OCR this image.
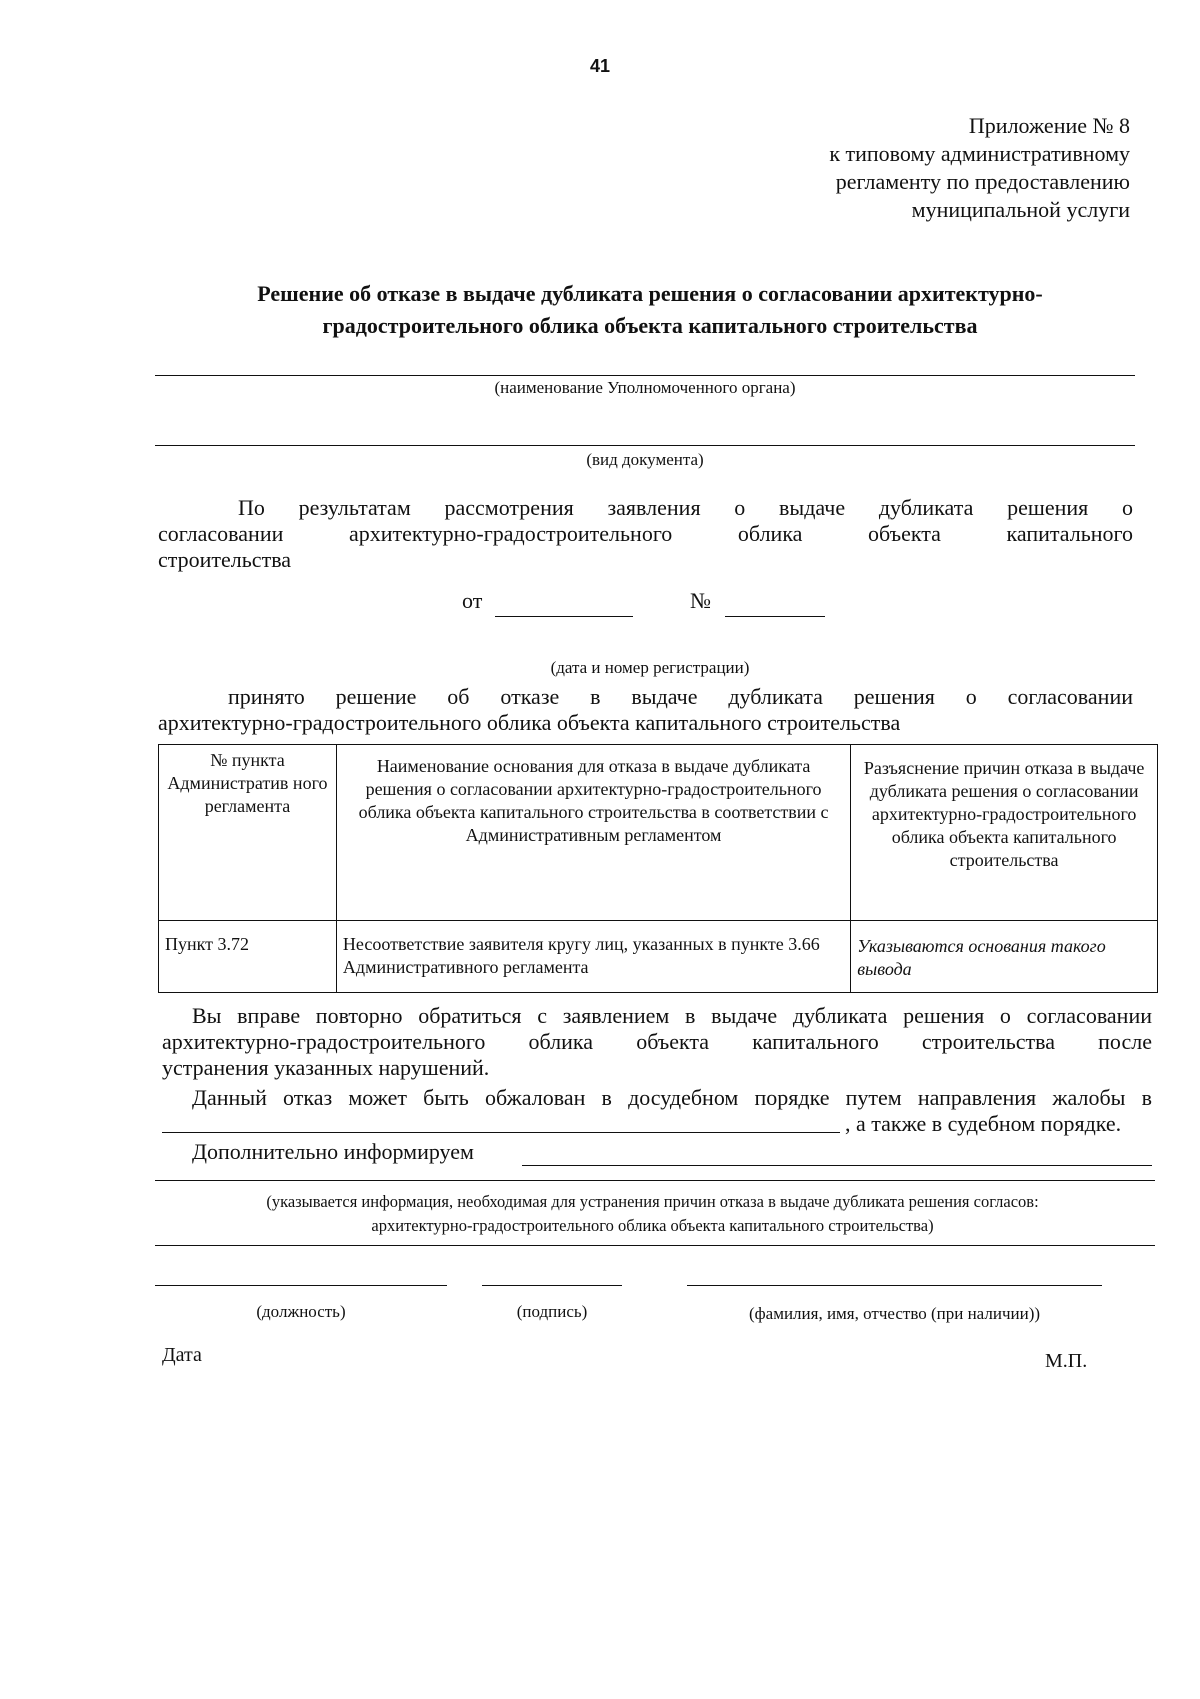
41
Приложение № 8
к типовому административному
регламенту по предоставлению
муниципальной услуги
Решение об отказе в выдаче дубликата решения о согласовании архитектурно-
градостроительного облика объекта капитального строительства
(наименование Уполномоченного органа)
(вид документа)
По результатам рассмотрения заявления о выдаче дубликата решения о
согласовании архитектурно-градостроительного облика объекта капитального
строительства
от	№
(дата и номер регистрации)
принято решение об отказе в выдаче дубликата решения о согласовании
архитектурно-градостроительного облика объекта капитального строительства
№ пункта Административ ного регламента	Наименование основания для отказа в выдаче дубликата решения о согласовании архитектурно-градостроительного облика объекта капитального строительства в соответствии с Административным регламентом	Разъяснение причин отказа в выдаче дубликата решения о согласовании архитектурно-градостроительного облика объекта капитального строительства
Пункт 3.72	Несоответствие заявителя кругу лиц, указанных в пункте 3.66 Административного регламента	Указываются основания такого вывода
Вы вправе повторно обратиться с заявлением в выдаче дубликата решения о согласовании
архитектурно-градостроительного облика объекта капитального строительства после
устранения указанных нарушений.
Данный отказ может быть обжалован в досудебном порядке путем направления жалобы в
, а также в судебном порядке.
Дополнительно информируем
(указывается информация, необходимая для устранения причин отказа в выдаче дубликата решения согласов:
архитектурно-градостроительного облика объекта капитального строительства)
(должность)	(подпись)	(фамилия, имя, отчество (при наличии))
Дата	М.П.
